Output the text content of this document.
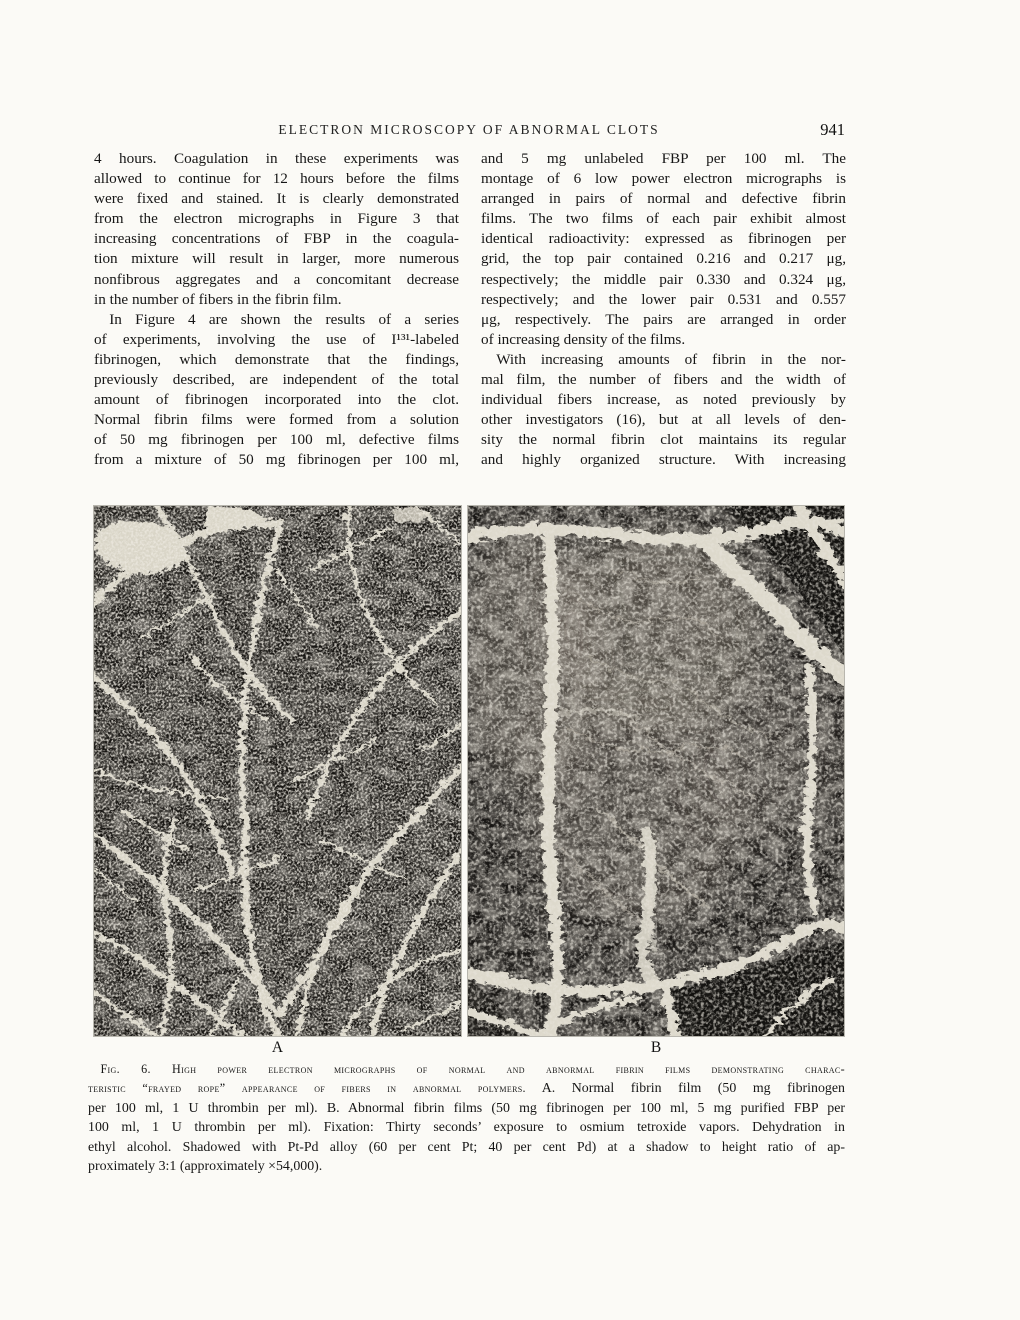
ELECTRON MICROSCOPY OF ABNORMAL CLOTS	941
4 hours. Coagulation in these experiments was
allowed to continue for 12 hours before the films
were fixed and stained. It is clearly demonstrated
from the electron micrographs in Figure 3 that
increasing concentrations of FBP in the coagula-
tion mixture will result in larger, more numerous
nonfibrous aggregates and a concomitant decrease
in the number of fibers in the fibrin film.
 In Figure 4 are shown the results of a series
of experiments, involving the use of I¹³¹-labeled
fibrinogen, which demonstrate that the findings,
previously described, are independent of the total
amount of fibrinogen incorporated into the clot.
Normal fibrin films were formed from a solution
of 50 mg fibrinogen per 100 ml, defective films
from a mixture of 50 mg fibrinogen per 100 ml,
and 5 mg unlabeled FBP per 100 ml. The
montage of 6 low power electron micrographs is
arranged in pairs of normal and defective fibrin
films. The two films of each pair exhibit almost
identical radioactivity: expressed as fibrinogen per
grid, the top pair contained 0.216 and 0.217 μg,
respectively; the middle pair 0.330 and 0.324 μg,
respectively; and the lower pair 0.531 and 0.557
μg, respectively. The pairs are arranged in order
of increasing density of the films.
 With increasing amounts of fibrin in the nor-
mal film, the number of fibers and the width of
individual fibers increase, as noted previously by
other investigators (16), but at all levels of den-
sity the normal fibrin clot maintains its regular
and highly organized structure. With increasing
A	B
 Fig. 6. High power electron micrographs of normal and abnormal fibrin films demonstrating charac-
teristic “frayed rope” appearance of fibers in abnormal polymers. A. Normal fibrin film (50 mg fibrinogen
per 100 ml, 1 U thrombin per ml). B. Abnormal fibrin films (50 mg fibrinogen per 100 ml, 5 mg purified FBP per
100 ml, 1 U thrombin per ml). Fixation: Thirty seconds’ exposure to osmium tetroxide vapors. Dehydration in
ethyl alcohol. Shadowed with Pt-Pd alloy (60 per cent Pt; 40 per cent Pd) at a shadow to height ratio of ap-
proximately 3:1 (approximately ×54,000).
